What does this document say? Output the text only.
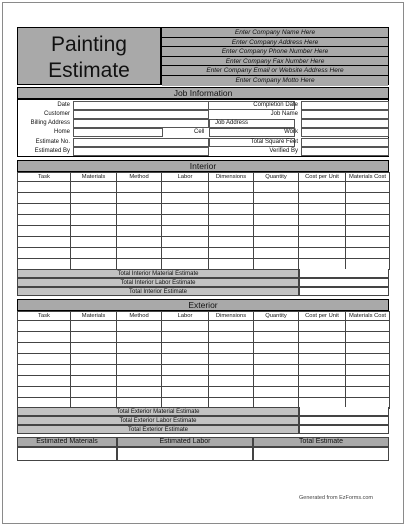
Painting
Estimate
Enter Company Name Here
Enter Company Address Here
Enter Company Phone Number Here
Enter Company Fax Number Here
Enter Company Email or Website Address Here
Enter Company Motto Here
Job Information
Date
Customer
Billing Address
Home
Estimate No.
Estimated By
Cell
Completion Date
Job Name
Job Address
Work
Total Square Feet
Verified By
Interior
Task	Materials	Method	Labor	Dimensions	Quantity	Cost per Unit	Materials Cost

Total Interior Material Estimate
Total Interior Labor Estimate
Total Interior Estimate
Exterior
Task	Materials	Method	Labor	Dimensions	Quantity	Cost per Unit	Materials Cost

Total Exterior Material Estimate
Total Exterior Labor Estimate
Total Exterior Estimate
Estimated Materials	Estimated Labor	Total Estimate
Generated from EzForms.com
